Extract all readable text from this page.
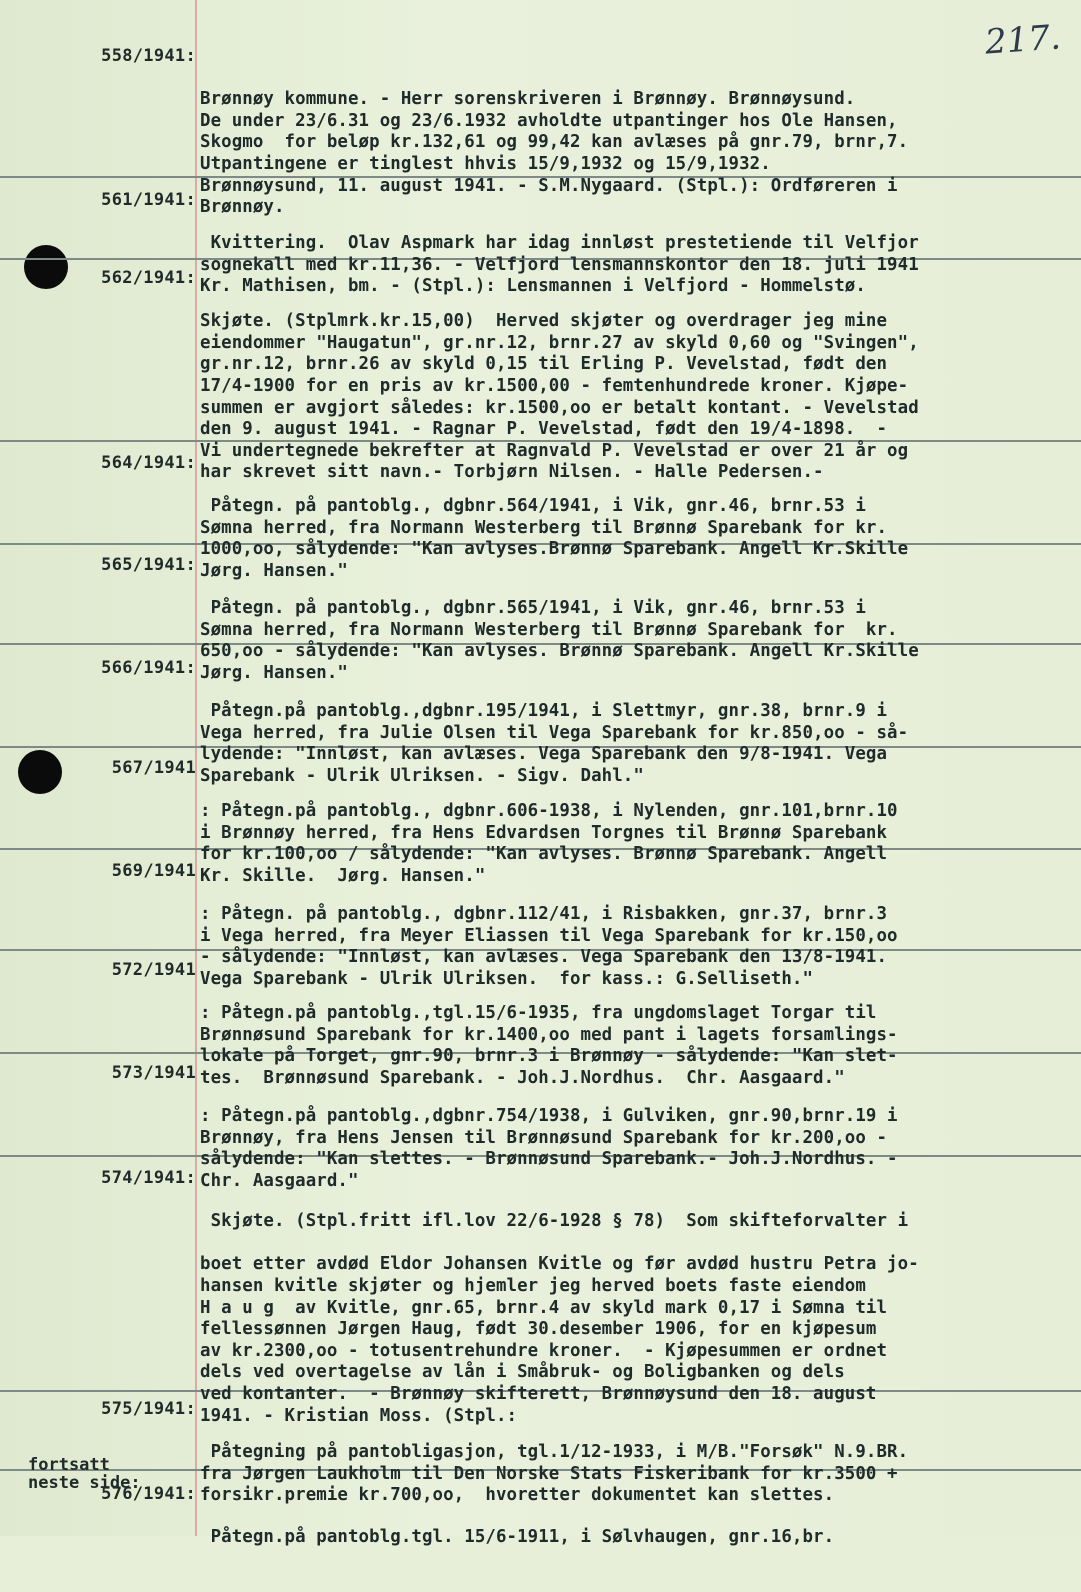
217.
558/1941:

Brønnøy kommune. - Herr sorenskriveren i Brønnøy. Brønnøysund.
De under 23/6.31 og 23/6.1932 avholdte utpantinger hos Ole Hansen,
Skogmo  for beløp kr.132,61 og 99,42 kan avlæses på gnr.79, brnr,7.
Utpantingene er tinglest hhvis 15/9,1932 og 15/9,1932.
Brønnøysund, 11. august 1941. - S.M.Nygaard. (Stpl.): Ordføreren i
Brønnøy.

561/1941:

Kvittering.  Olav Aspmark har idag innløst prestetiende til Velfjor
sognekall med kr.11,36. - Velfjord lensmannskontor den 18. juli 1941
Kr. Mathisen, bm. - (Stpl.): Lensmannen i Velfjord - Hommelstø.

562/1941:

Skjøte. (Stplmrk.kr.15,00)  Herved skjøter og overdrager jeg mine
eiendommer "Haugatun", gr.nr.12, brnr.27 av skyld 0,60 og "Svingen",
gr.nr.12, brnr.26 av skyld 0,15 til Erling P. Vevelstad, født den
17/4-1900 for en pris av kr.1500,00 - femtenhundrede kroner. Kjøpe-
summen er avgjort således: kr.1500,oo er betalt kontant. - Vevelstad
den 9. august 1941. - Ragnar P. Vevelstad, født den 19/4-1898.  -
Vi undertegnede bekrefter at Ragnvald P. Vevelstad er over 21 år og
har skrevet sitt navn.- Torbjørn Nilsen. - Halle Pedersen.-

564/1941:

Påtegn. på pantoblg., dgbnr.564/1941, i Vik, gnr.46, brnr.53 i
Sømna herred, fra Normann Westerberg til Brønnø Sparebank for kr.
1000,oo, sålydende: "Kan avlyses.Brønnø Sparebank. Angell Kr.Skille
Jørg. Hansen."

565/1941:

Påtegn. på pantoblg., dgbnr.565/1941, i Vik, gnr.46, brnr.53 i
Sømna herred, fra Normann Westerberg til Brønnø Sparebank for  kr.
650,oo - sålydende: "Kan avlyses. Brønnø Sparebank. Angell Kr.Skille
Jørg. Hansen."

566/1941:

Påtegn.på pantoblg.,dgbnr.195/1941, i Slettmyr, gnr.38, brnr.9 i
Vega herred, fra Julie Olsen til Vega Sparebank for kr.850,oo - så-
lydende: "Innløst, kan avlæses. Vega Sparebank den 9/8-1941. Vega
Sparebank - Ulrik Ulriksen. - Sigv. Dahl."

567/1941

: Påtegn.på pantoblg., dgbnr.606-1938, i Nylenden, gnr.101,brnr.10
i Brønnøy herred, fra Hens Edvardsen Torgnes til Brønnø Sparebank
for kr.100,oo / sålydende: "Kan avlyses. Brønnø Sparebank. Angell
Kr. Skille.  Jørg. Hansen."

569/1941

: Påtegn. på pantoblg., dgbnr.112/41, i Risbakken, gnr.37, brnr.3
i Vega herred, fra Meyer Eliassen til Vega Sparebank for kr.150,oo
- sålydende: "Innløst, kan avlæses. Vega Sparebank den 13/8-1941.
Vega Sparebank - Ulrik Ulriksen.  for kass.: G.Selliseth."

572/1941

: Påtegn.på pantoblg.,tgl.15/6-1935, fra ungdomslaget Torgar til
Brønnøsund Sparebank for kr.1400,oo med pant i lagets forsamlings-
lokale på Torget, gnr.90, brnr.3 i Brønnøy - sålydende: "Kan slet-
tes.  Brønnøsund Sparebank. - Joh.J.Nordhus.  Chr. Aasgaard."

573/1941

: Påtegn.på pantoblg.,dgbnr.754/1938, i Gulviken, gnr.90,brnr.19 i
Brønnøy, fra Hens Jensen til Brønnøsund Sparebank for kr.200,oo -
sålydende: "Kan slettes. - Brønnøsund Sparebank.- Joh.J.Nordhus. -
Chr. Aasgaard."

574/1941:

Skjøte. (Stpl.fritt ifl.lov 22/6-1928 § 78)  Som skifteforvalter i
boet etter avdød Eldor Johansen Kvitle og før avdød hustru Petra jo-
hansen kvitle skjøter og hjemler jeg herved boets faste eiendom
H a u g  av Kvitle, gnr.65, brnr.4 av skyld mark 0,17 i Sømna til
fellessønnen Jørgen Haug, født 30.desember 1906, for en kjøpesum
av kr.2300,oo - totusentrehundre kroner.  - Kjøpesummen er ordnet
dels ved overtagelse av lån i Småbruk- og Boligbanken og dels
ved kontanter.  - Brønnøy skifterett, Brønnøysund den 18. august
1941. - Kristian Moss. (Stpl.:

575/1941:

Påtegning på pantobligasjon, tgl.1/12-1933, i M/B."Forsøk" N.9.BR.
fra Jørgen Laukholm til Den Norske Stats Fiskeribank for kr.3500 +
forsikr.premie kr.700,oo,  hvoretter dokumentet kan slettes.

fortsatt
neste side:

576/1941:

Påtegn.på pantoblg.tgl. 15/6-1911, i Sølvhaugen, gnr.16,br.
